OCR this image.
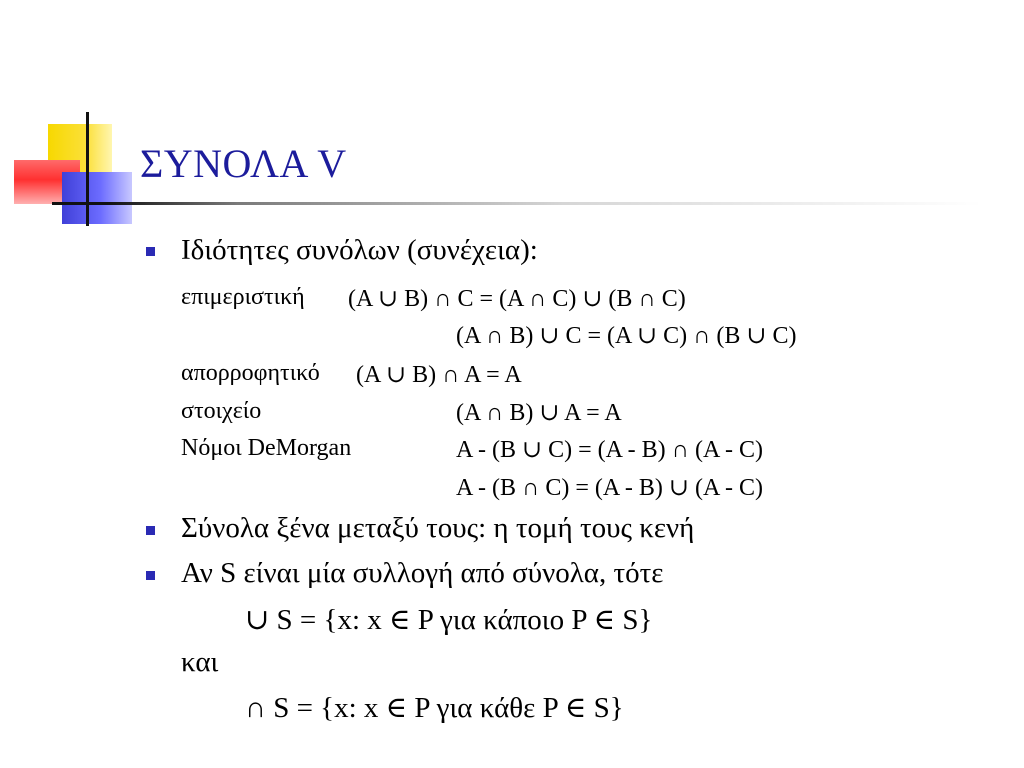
ΣΥΝΟΛΑ V
Ιδιότητες συνόλων (συνέχεια):
επιμεριστική (A ∪ B) ∩ C = (A ∩ C) ∪ (B ∩ C)
(A ∩ B) ∪ C = (A ∪ C) ∩ (B ∪ C)
απορροφητικό (A ∪ B) ∩ A = A
στοιχείο	(A ∩ B) ∪ A = A
Νόμοι DeMorgan	A - (B ∪ C) = (A - B) ∩ (A - C)
A - (B ∩ C) = (A - B) ∪ (A - C)
Σύνολα ξένα μεταξύ τους: η τομή τους κενή
Αν S είναι μία συλλογή από σύνολα, τότε
∪ S = {x: x ∈ P για κάποιο P ∈ S}
και
∩ S = {x: x ∈ P για κάθε P ∈ S}
